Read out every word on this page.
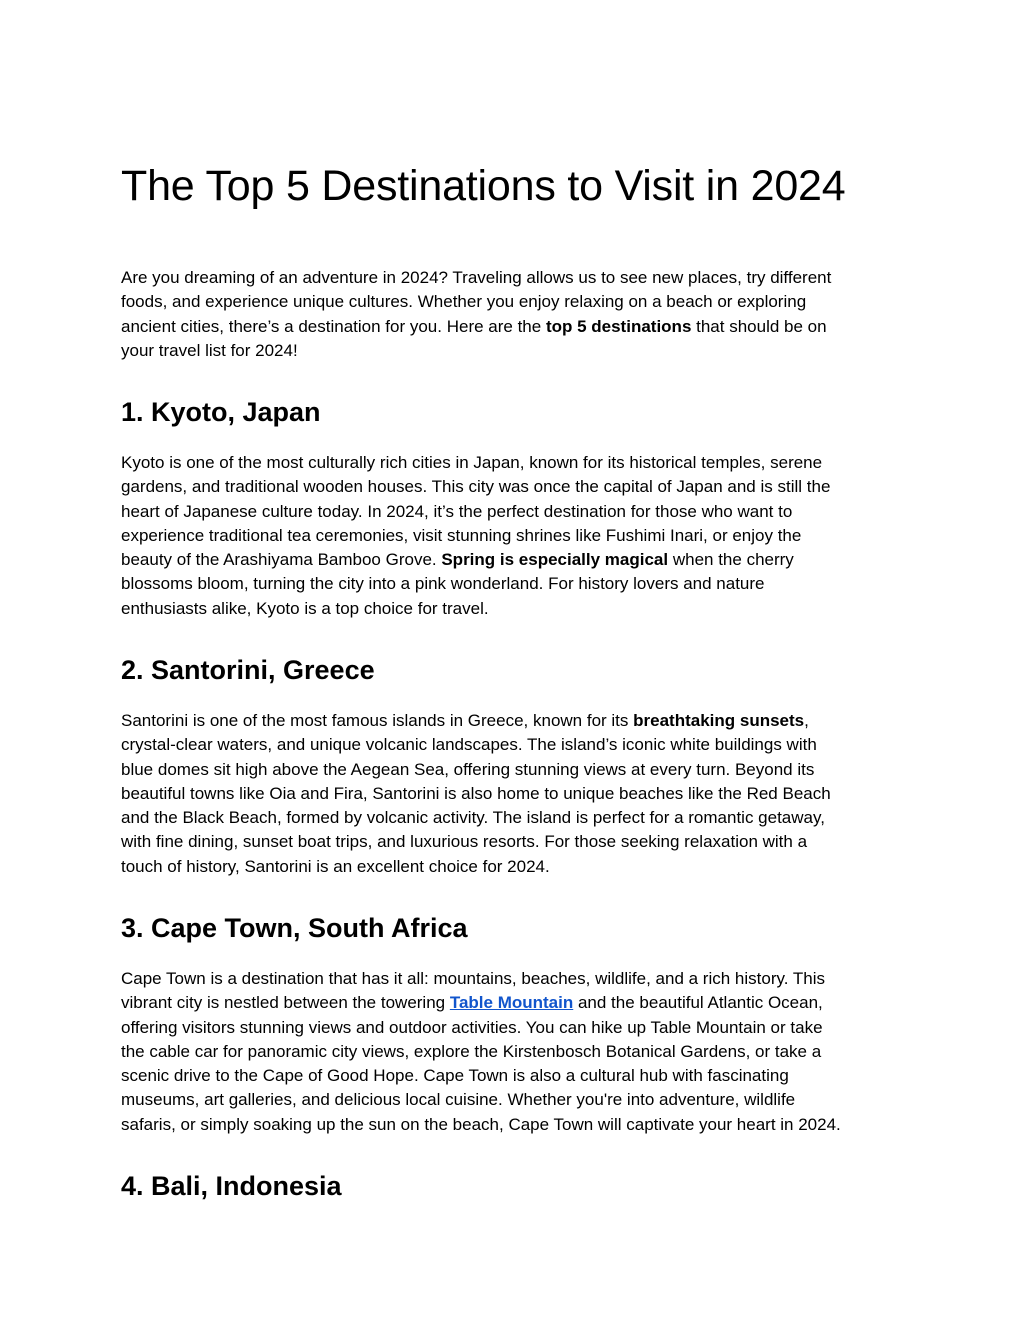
The Top 5 Destinations to Visit in 2024

Are you dreaming of an adventure in 2024? Traveling allows us to see new places, try different
foods, and experience unique cultures. Whether you enjoy relaxing on a beach or exploring
ancient cities, there’s a destination for you. Here are the top 5 destinations that should be on
your travel list for 2024!

1. Kyoto, Japan

Kyoto is one of the most culturally rich cities in Japan, known for its historical temples, serene
gardens, and traditional wooden houses. This city was once the capital of Japan and is still the
heart of Japanese culture today. In 2024, it’s the perfect destination for those who want to
experience traditional tea ceremonies, visit stunning shrines like Fushimi Inari, or enjoy the
beauty of the Arashiyama Bamboo Grove. Spring is especially magical when the cherry
blossoms bloom, turning the city into a pink wonderland. For history lovers and nature
enthusiasts alike, Kyoto is a top choice for travel.

2. Santorini, Greece

Santorini is one of the most famous islands in Greece, known for its breathtaking sunsets,
crystal-clear waters, and unique volcanic landscapes. The island’s iconic white buildings with
blue domes sit high above the Aegean Sea, offering stunning views at every turn. Beyond its
beautiful towns like Oia and Fira, Santorini is also home to unique beaches like the Red Beach
and the Black Beach, formed by volcanic activity. The island is perfect for a romantic getaway,
with fine dining, sunset boat trips, and luxurious resorts. For those seeking relaxation with a
touch of history, Santorini is an excellent choice for 2024.

3. Cape Town, South Africa

Cape Town is a destination that has it all: mountains, beaches, wildlife, and a rich history. This
vibrant city is nestled between the towering Table Mountain and the beautiful Atlantic Ocean,
offering visitors stunning views and outdoor activities. You can hike up Table Mountain or take
the cable car for panoramic city views, explore the Kirstenbosch Botanical Gardens, or take a
scenic drive to the Cape of Good Hope. Cape Town is also a cultural hub with fascinating
museums, art galleries, and delicious local cuisine. Whether you're into adventure, wildlife
safaris, or simply soaking up the sun on the beach, Cape Town will captivate your heart in 2024.

4. Bali, Indonesia
